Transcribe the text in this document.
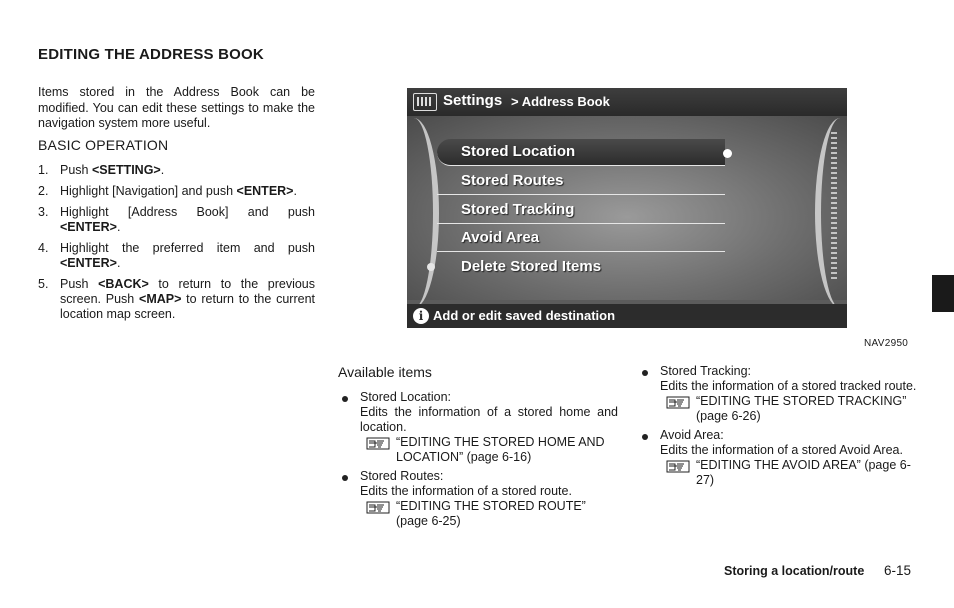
EDITING THE ADDRESS BOOK
Items stored in the Address Book can be modified. You can edit these settings to make the navigation system more useful.
BASIC OPERATION
1. Push <SETTING>.
2. Highlight [Navigation] and push <ENTER>.
3. Highlight [Address Book] and push <ENTER>.
4. Highlight the preferred item and push <ENTER>.
5. Push <BACK> to return to the previous screen. Push <MAP> to return to the current location map screen.
Settings > Address Book
Stored Location
Stored Routes
Stored Tracking
Avoid Area
Delete Stored Items
i Add or edit saved destination
NAV2950
Available items
Stored Location:
Edits the information of a stored home and location.
“EDITING THE STORED HOME AND LOCATION” (page 6-16)
Stored Routes:
Edits the information of a stored route.
“EDITING THE STORED ROUTE” (page 6-25)
Stored Tracking:
Edits the information of a stored tracked route.
“EDITING THE STORED TRACKING” (page 6-26)
Avoid Area:
Edits the information of a stored Avoid Area.
“EDITING THE AVOID AREA” (page 6-27)
Storing a location/route 6-15
